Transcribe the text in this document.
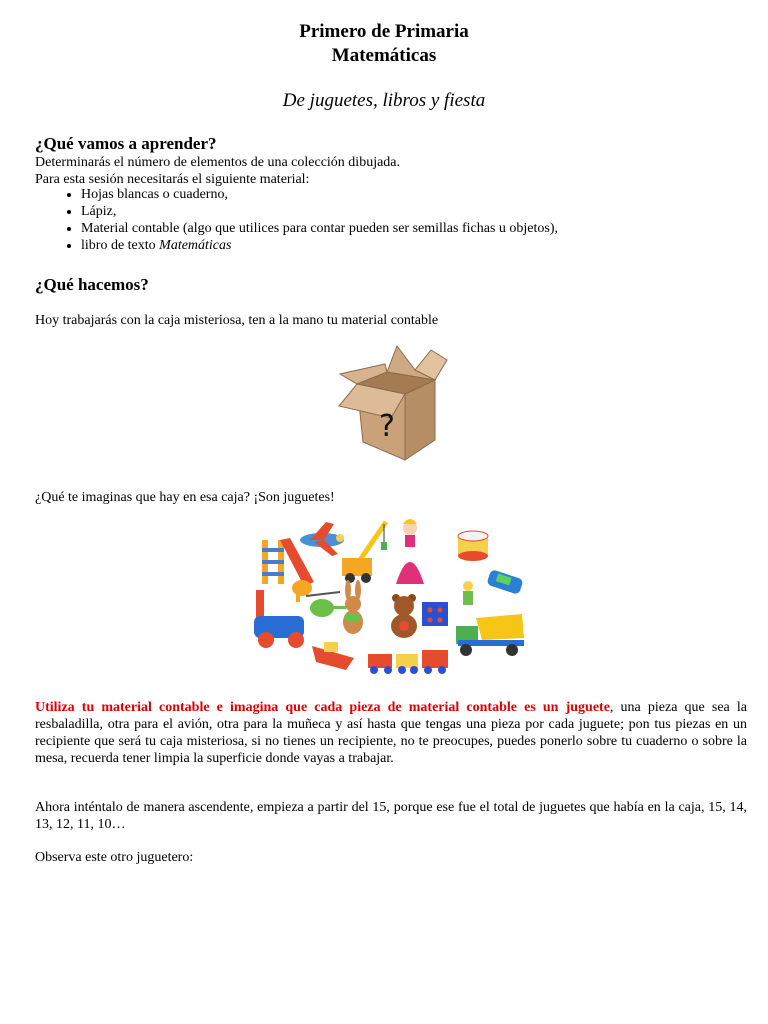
Primero de Primaria
Matemáticas
De juguetes, libros y fiesta
¿Qué vamos a aprender?
Determinarás el número de elementos de una colección dibujada.
Para esta sesión necesitarás el siguiente material:
• Hojas blancas o cuaderno,
• Lápiz,
• Material contable (algo que utilices para contar pueden ser semillas fichas u objetos),
• libro de texto Matemáticas
¿Qué hacemos?
Hoy trabajarás con la caja misteriosa, ten a la mano tu material contable
?
¿Qué te imaginas que hay en esa caja? ¡Son juguetes!
Utiliza tu material contable e imagina que cada pieza de material contable es un juguete, una pieza que sea la resbaladilla, otra para el avión, otra para la muñeca y así hasta que tengas una pieza por cada juguete; pon tus piezas en un recipiente que será tu caja misteriosa, si no tienes un recipiente, no te preocupes, puedes ponerlo sobre tu cuaderno o sobre la mesa, recuerda tener limpia la superficie donde vayas a trabajar.
Ahora inténtalo de manera ascendente, empieza a partir del 15, porque ese fue el total de juguetes que había en la caja, 15, 14, 13, 12, 11, 10…
Observa este otro juguetero:
